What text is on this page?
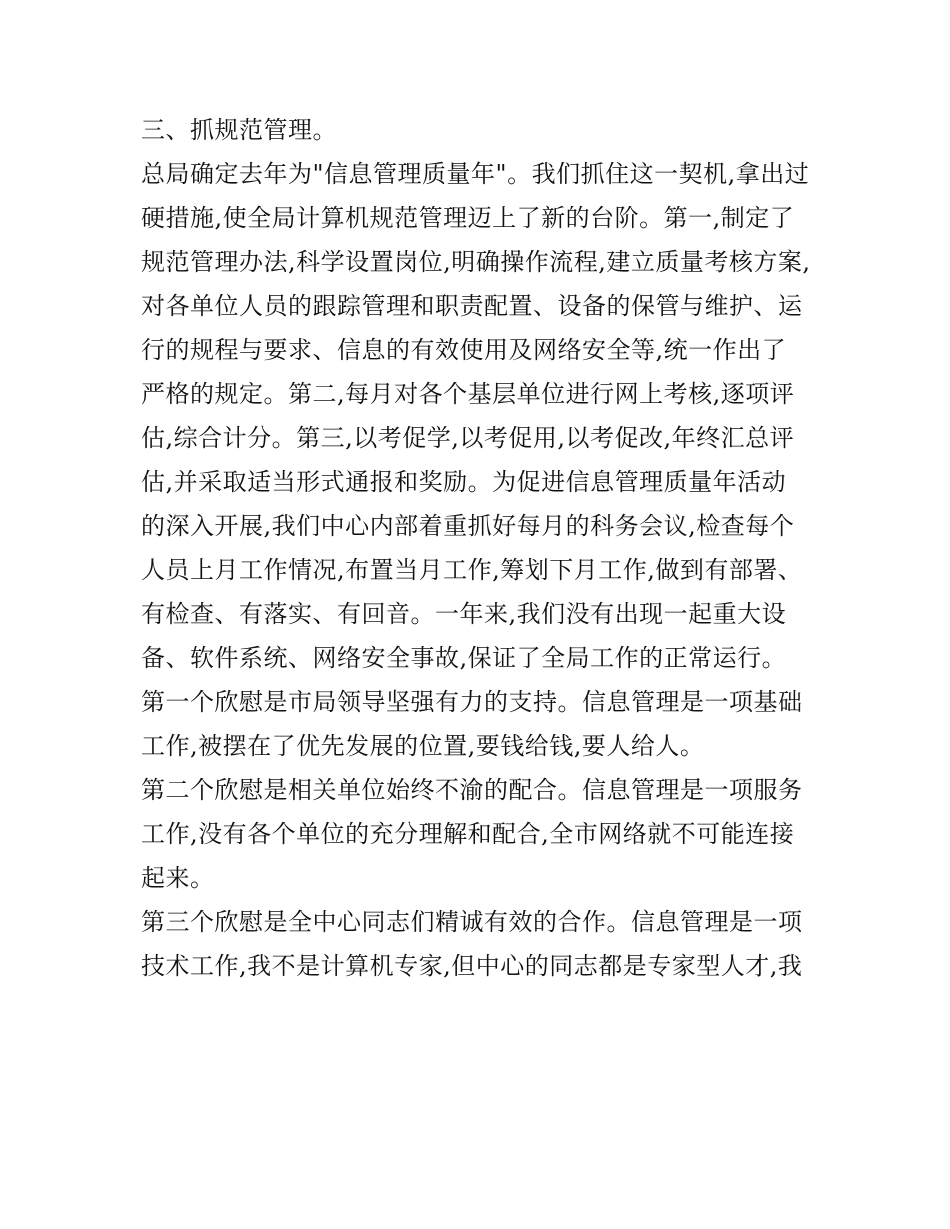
三、抓规范管理。
总局确定去年为"信息管理质量年"。我们抓住这一契机,拿出过
硬措施,使全局计算机规范管理迈上了新的台阶。第一,制定了
规范管理办法,科学设置岗位,明确操作流程,建立质量考核方案,
对各单位人员的跟踪管理和职责配置、设备的保管与维护、运
行的规程与要求、信息的有效使用及网络安全等,统一作出了
严格的规定。第二,每月对各个基层单位进行网上考核,逐项评
估,综合计分。第三,以考促学,以考促用,以考促改,年终汇总评
估,并采取适当形式通报和奖励。为促进信息管理质量年活动
的深入开展,我们中心内部着重抓好每月的科务会议,检查每个
人员上月工作情况,布置当月工作,筹划下月工作,做到有部署、
有检查、有落实、有回音。一年来,我们没有出现一起重大设
备、软件系统、网络安全事故,保证了全局工作的正常运行。
第一个欣慰是市局领导坚强有力的支持。信息管理是一项基础
工作,被摆在了优先发展的位置,要钱给钱,要人给人。
第二个欣慰是相关单位始终不渝的配合。信息管理是一项服务
工作,没有各个单位的充分理解和配合,全市网络就不可能连接
起来。
第三个欣慰是全中心同志们精诚有效的合作。信息管理是一项
技术工作,我不是计算机专家,但中心的同志都是专家型人才,我
